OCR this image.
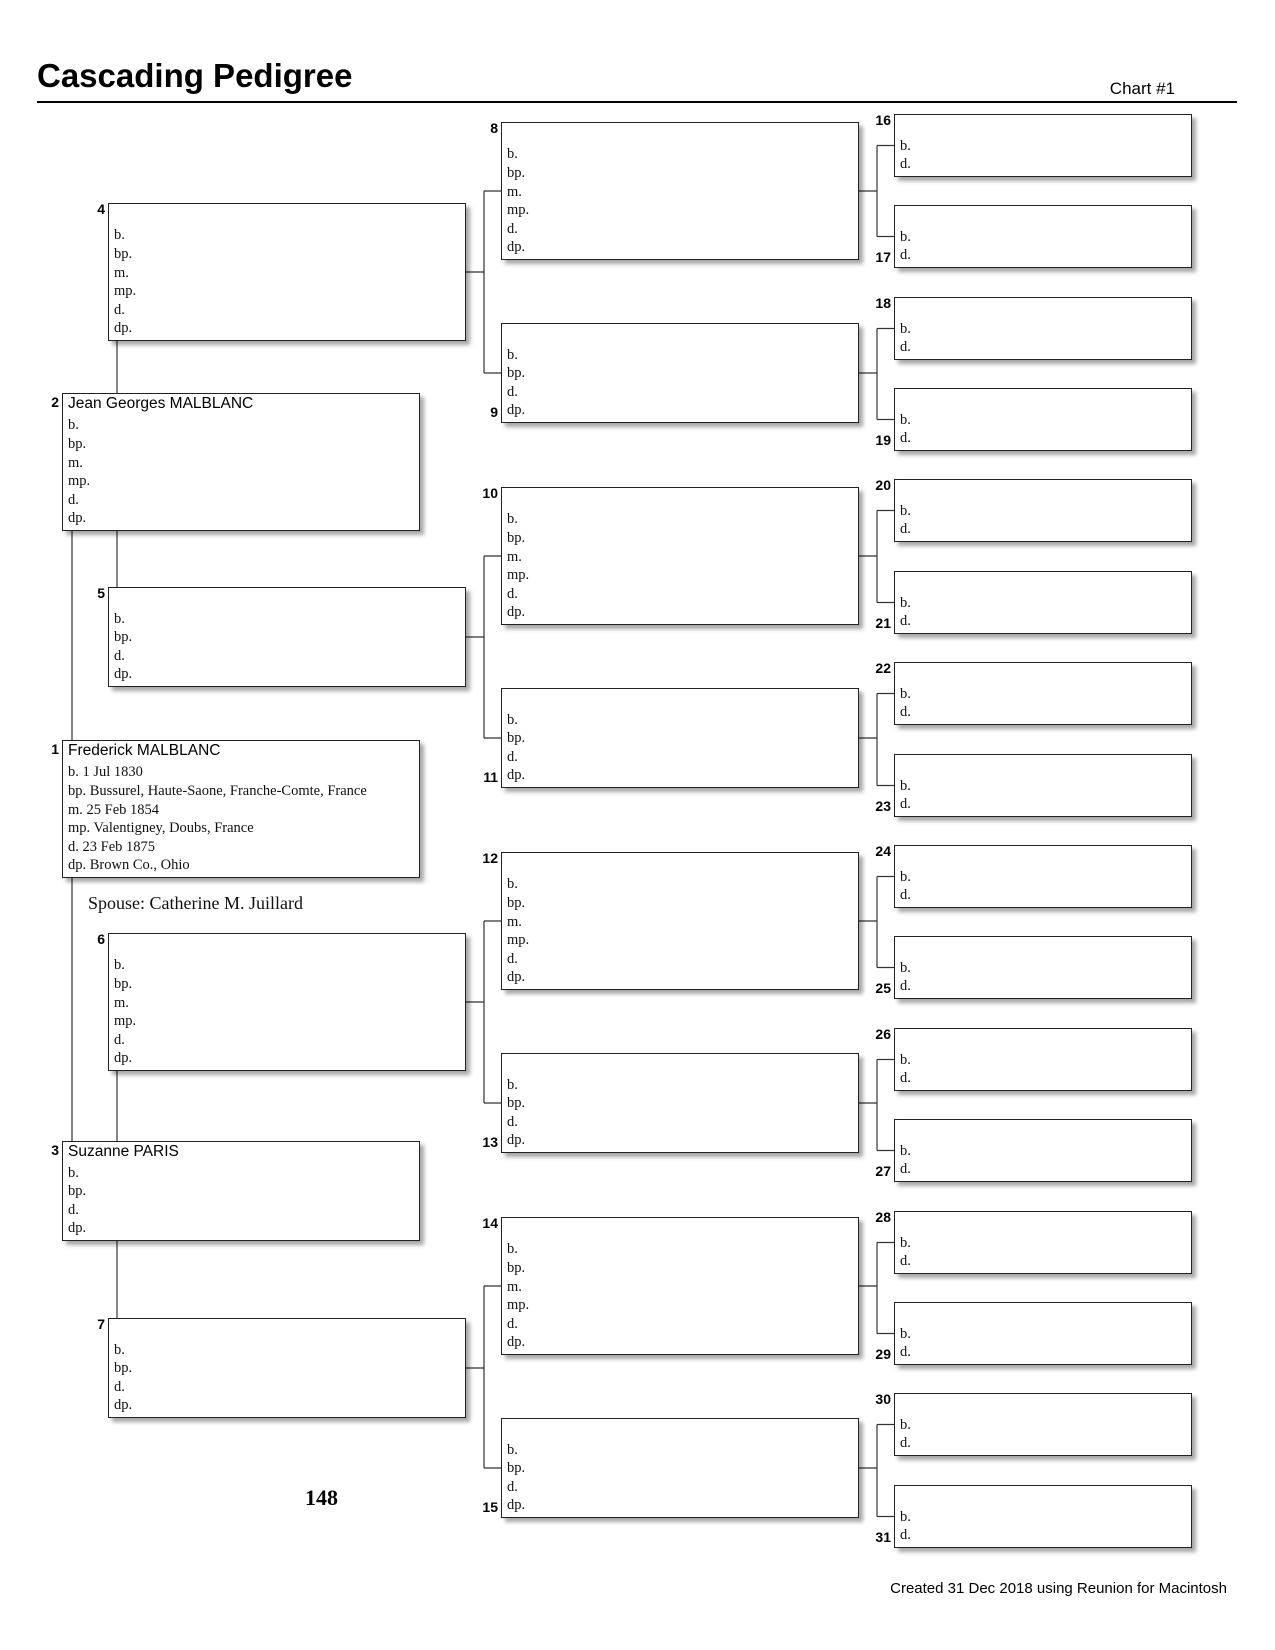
Cascading Pedigree	Chart #1
Frederick MALBLANC
b. 1 Jul 1830
bp. Bussurel, Haute-Saone, Franche-Comte, France
m. 25 Feb 1854
mp. Valentigney, Doubs, France
d. 23 Feb 1875
dp. Brown Co., Ohio
1
Jean Georges MALBLANC
b.
bp.
m.
mp.
d.
dp.
2
Suzanne PARIS
b.
bp.
d.
dp.
3
b.
bp.
m.
mp.
d.
dp.
4
b.
bp.
d.
dp.
5
b.
bp.
m.
mp.
d.
dp.
6
b.
bp.
d.
dp.
7
b.
bp.
m.
mp.
d.
dp.
8
b.
bp.
d.
dp.
9
b.
bp.
m.
mp.
d.
dp.
10
b.
bp.
d.
dp.
11
b.
bp.
m.
mp.
d.
dp.
12
b.
bp.
d.
dp.
13
b.
bp.
m.
mp.
d.
dp.
14
b.
bp.
d.
dp.
15
b.
d.
16
b.
d.
17
b.
d.
18
b.
d.
19
b.
d.
20
b.
d.
21
b.
d.
22
b.
d.
23
b.
d.
24
b.
d.
25
b.
d.
26
b.
d.
27
b.
d.
28
b.
d.
29
b.
d.
30
b.
d.
31
Spouse: Catherine M. Juillard
148
Created 31 Dec 2018 using Reunion for Macintosh
